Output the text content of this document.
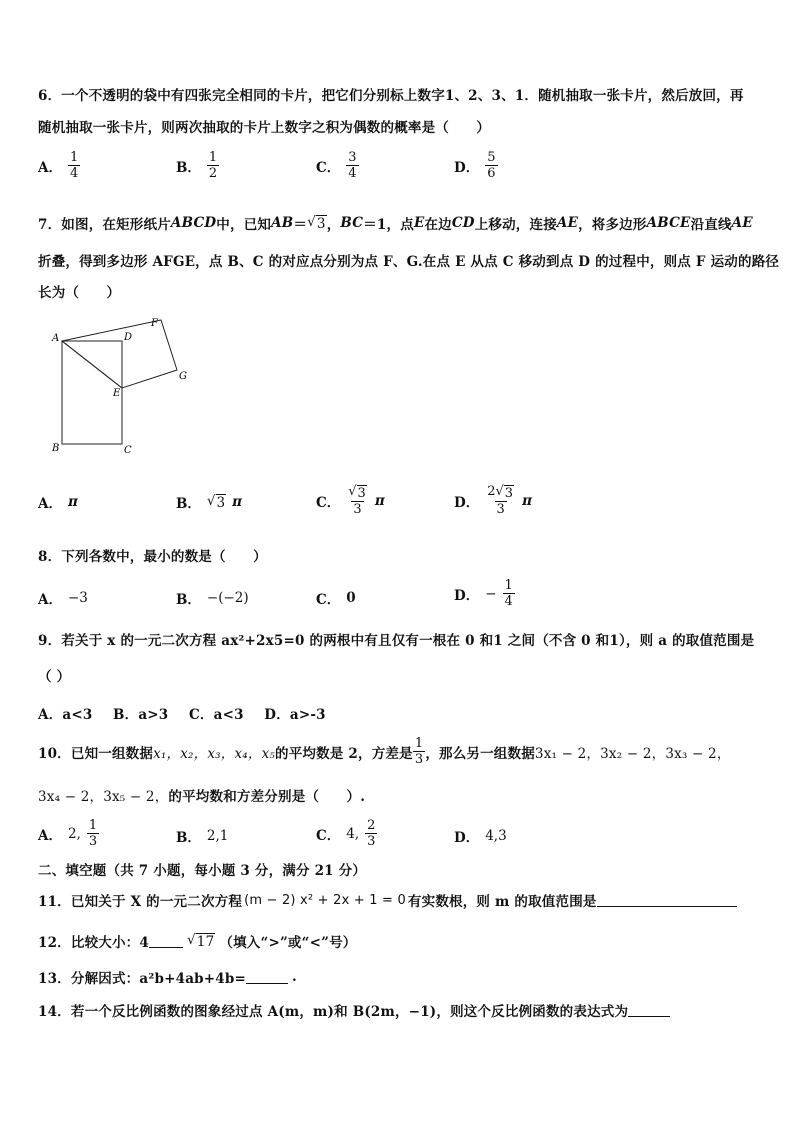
6．一个不透明的袋中有四张完全相同的卡片，把它们分别标上数字1、2、3、1．随机抽取一张卡片，然后放回，再
随机抽取一张卡片，则两次抽取的卡片上数字之积为偶数的概率是（　　）
A． $\frac{1}{4}$	B． $\frac{1}{2}$	C． $\frac{3}{4}$	D． $\frac{5}{6}$
7．如图，在矩形纸片 ABCD 中，已知 AB ＝ √ 3 ， BC ＝1，点 E 在边 CD 上移动，连接 AE ，将多边形 ABCE 沿直线 AE
折叠，得到多边形 AFGE，点 B、C 的对应点分别为点 F、G.在点 E 从点 C 移动到点 D 的过程中，则点 F 运动的路径
长为（　　）
A	D
F
G
E
B	C
A． π	B． √ 3 π	C． $\frac{√ 3}{3}$ π	D． $\frac{2√ 3}{3}$ π
8．下列各数中，最小的数是（　　）
A． −3	B． −(−2)	C． 0	D． − $\frac{1}{4}$
9．若关于 x 的一元二次方程 ax²+2x5=0 的两根中有且仅有一根在 0 和1 之间（不含 0 和1），则 a 的取值范围是
（ ）
A．a<3　 B．a>3　 C．a<3　 D．a>-3
10．已知一组数据 x₁，x₂，x₃，x₄，x₅ 的平均数是 2，方差是 $\frac{1}{3}$ ，那么另一组数据 3x₁ − 2，3x₂ − 2，3x₃ − 2，
3x₄ − 2，3x₅ − 2， 的平均数和方差分别是（　　）.
A． 2, $\frac{1}{3}$	B． 2,1	C． 4, $\frac{2}{3}$	D． 4,3
二、填空题（共 7 小题，每小题 3 分，满分 21 分）
11．已知关于 X 的一元二次方程 (m − 2) x² + 2x + 1 = 0 有实数根，则 m 的取值范围是
12．比较大小：4	√ 17 （填入“>”或“<”号）
13．分解因式：a²b+4ab+4b=	.
14．若一个反比例函数的图象经过点 A(m，m)和 B(2m，−1)，则这个反比例函数的表达式为
